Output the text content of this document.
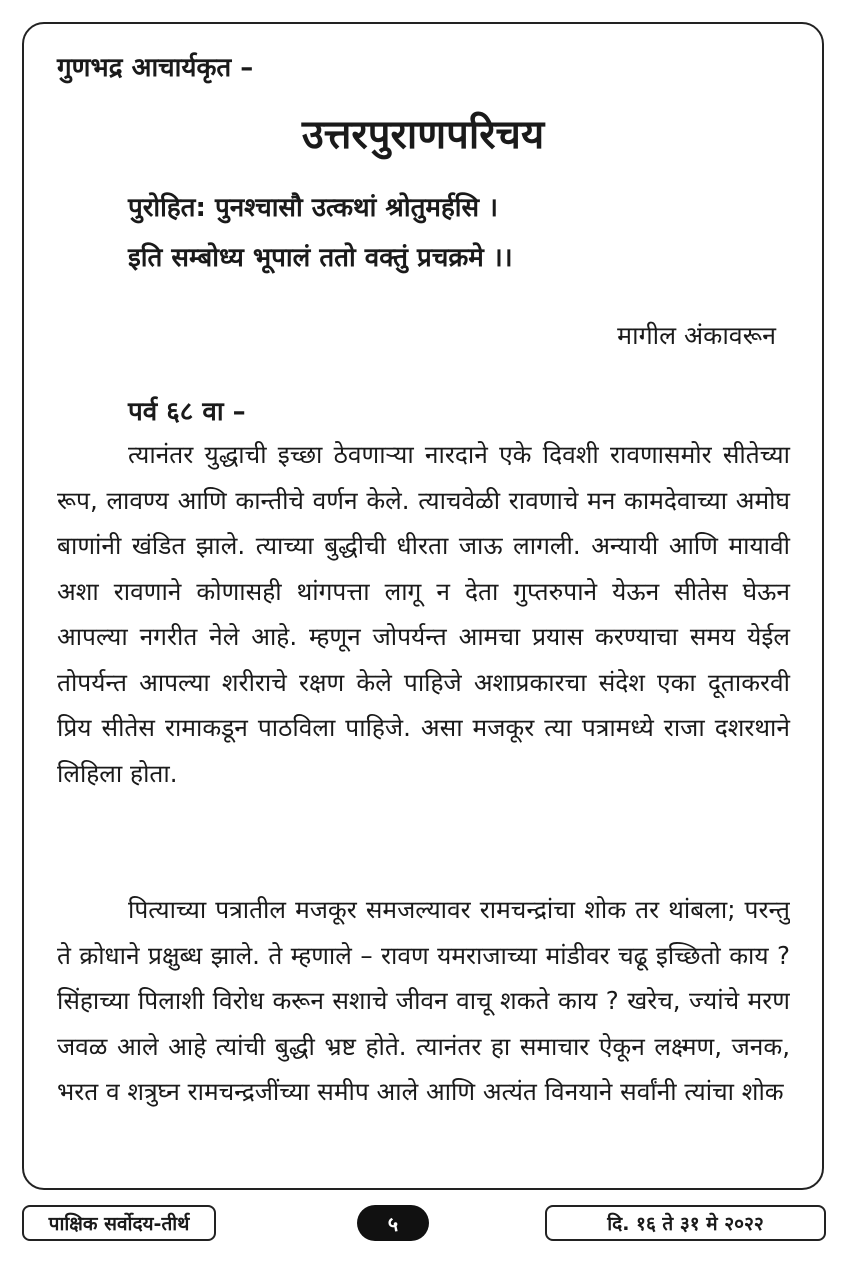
गुणभद्र आचार्यकृत –
उत्तरपुराणपरिचय
पुरोहित: पुनश्चासौ उत्कथां श्रोतुमर्हसि ।
इति सम्बोध्य भूपालं ततो वक्तुं प्रचक्रमे ।।
मागील अंकावरून
पर्व ६८ वा –

त्यानंतर युद्धाची इच्छा ठेवणाऱ्या नारदाने एके दिवशी रावणासमोर सीतेच्या रूप, लावण्य आणि कान्तीचे वर्णन केले. त्याचवेळी रावणाचे मन कामदेवाच्या अमोघ बाणांनी खंडित झाले. त्याच्या बुद्धीची धीरता जाऊ लागली. अन्यायी आणि मायावी अशा रावणाने कोणासही थांगपत्ता लागू न देता गुप्तरुपाने येऊन सीतेस घेऊन आपल्या नगरीत नेले आहे. म्हणून जोपर्यन्त आमचा प्रयास करण्याचा समय येईल तोपर्यन्त आपल्या शरीराचे रक्षण केले पाहिजे अशाप्रकारचा संदेश एका दूताकरवी प्रिय सीतेस रामाकडून पाठविला पाहिजे. असा मजकूर त्या पत्रामध्ये राजा दशरथाने लिहिला होता.

पित्याच्या पत्रातील मजकूर समजल्यावर रामचन्द्रांचा शोक तर थांबला; परन्तु ते क्रोधाने प्रक्षुब्ध झाले. ते म्हणाले – रावण यमराजाच्या मांडीवर चढू इच्छितो काय ? सिंहाच्या पिलाशी विरोध करून सशाचे जीवन वाचू शकते काय ? खरेच, ज्यांचे मरण जवळ आले आहे त्यांची बुद्धी भ्रष्ट होते. त्यानंतर हा समाचार ऐकून लक्ष्मण, जनक, भरत व शत्रुघ्न रामचन्द्रजींच्या समीप आले आणि अत्यंत विनयाने सर्वांनी त्यांचा शोक

पाक्षिक सर्वोदय-तीर्थ	५	दि. १६ ते ३१ मे २०२२
